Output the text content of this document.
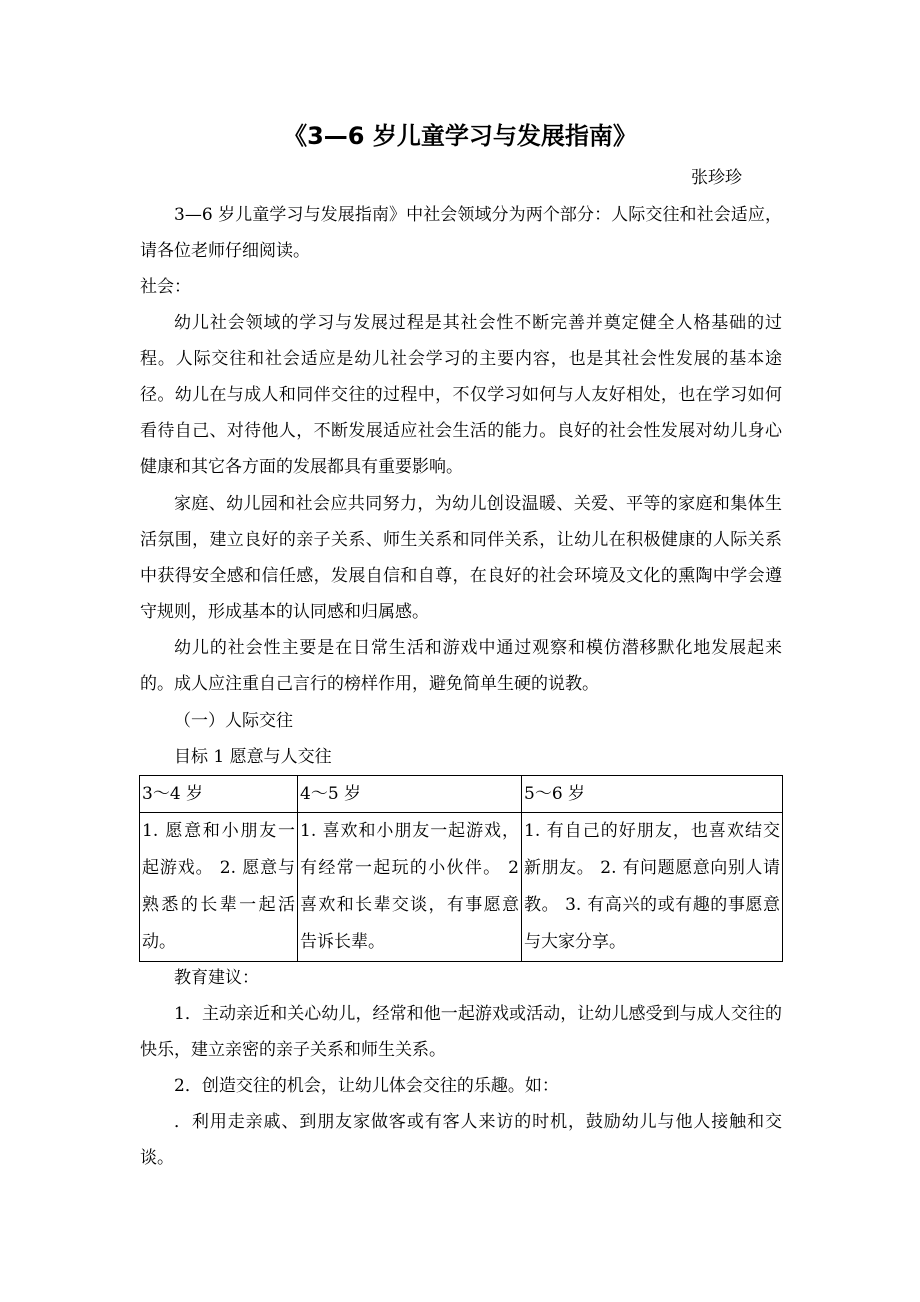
《3—6 岁儿童学习与发展指南》
张珍珍

3—6 岁儿童学习与发展指南》中社会领域分为两个部分：人际交往和社会适应，请各位老师仔细阅读。

社会：

幼儿社会领域的学习与发展过程是其社会性不断完善并奠定健全人格基础的过程。人际交往和社会适应是幼儿社会学习的主要内容，也是其社会性发展的基本途径。幼儿在与成人和同伴交往的过程中，不仅学习如何与人友好相处，也在学习如何看待自己、对待他人，不断发展适应社会生活的能力。良好的社会性发展对幼儿身心健康和其它各方面的发展都具有重要影响。

家庭、幼儿园和社会应共同努力，为幼儿创设温暖、关爱、平等的家庭和集体生活氛围，建立良好的亲子关系、师生关系和同伴关系，让幼儿在积极健康的人际关系中获得安全感和信任感，发展自信和自尊，在良好的社会环境及文化的熏陶中学会遵守规则，形成基本的认同感和归属感。

幼儿的社会性主要是在日常生活和游戏中通过观察和模仿潜移默化地发展起来的。成人应注重自己言行的榜样作用，避免简单生硬的说教。

（一）人际交往

目标 1 愿意与人交往

3～4 岁	4～5 岁	5～6 岁
1. 愿意和小朋友一起游戏。 2. 愿意与熟悉的长辈一起活动。	1. 喜欢和小朋友一起游戏，有经常一起玩的小伙伴。 2 喜欢和长辈交谈，有事愿意告诉长辈。	1. 有自己的好朋友，也喜欢结交新朋友。 2. 有问题愿意向别人请教。 3. 有高兴的或有趣的事愿意与大家分享。

教育建议：

1．主动亲近和关心幼儿，经常和他一起游戏或活动，让幼儿感受到与成人交往的快乐，建立亲密的亲子关系和师生关系。

2．创造交往的机会，让幼儿体会交往的乐趣。如：

．利用走亲戚、到朋友家做客或有客人来访的时机，鼓励幼儿与他人接触和交谈。
